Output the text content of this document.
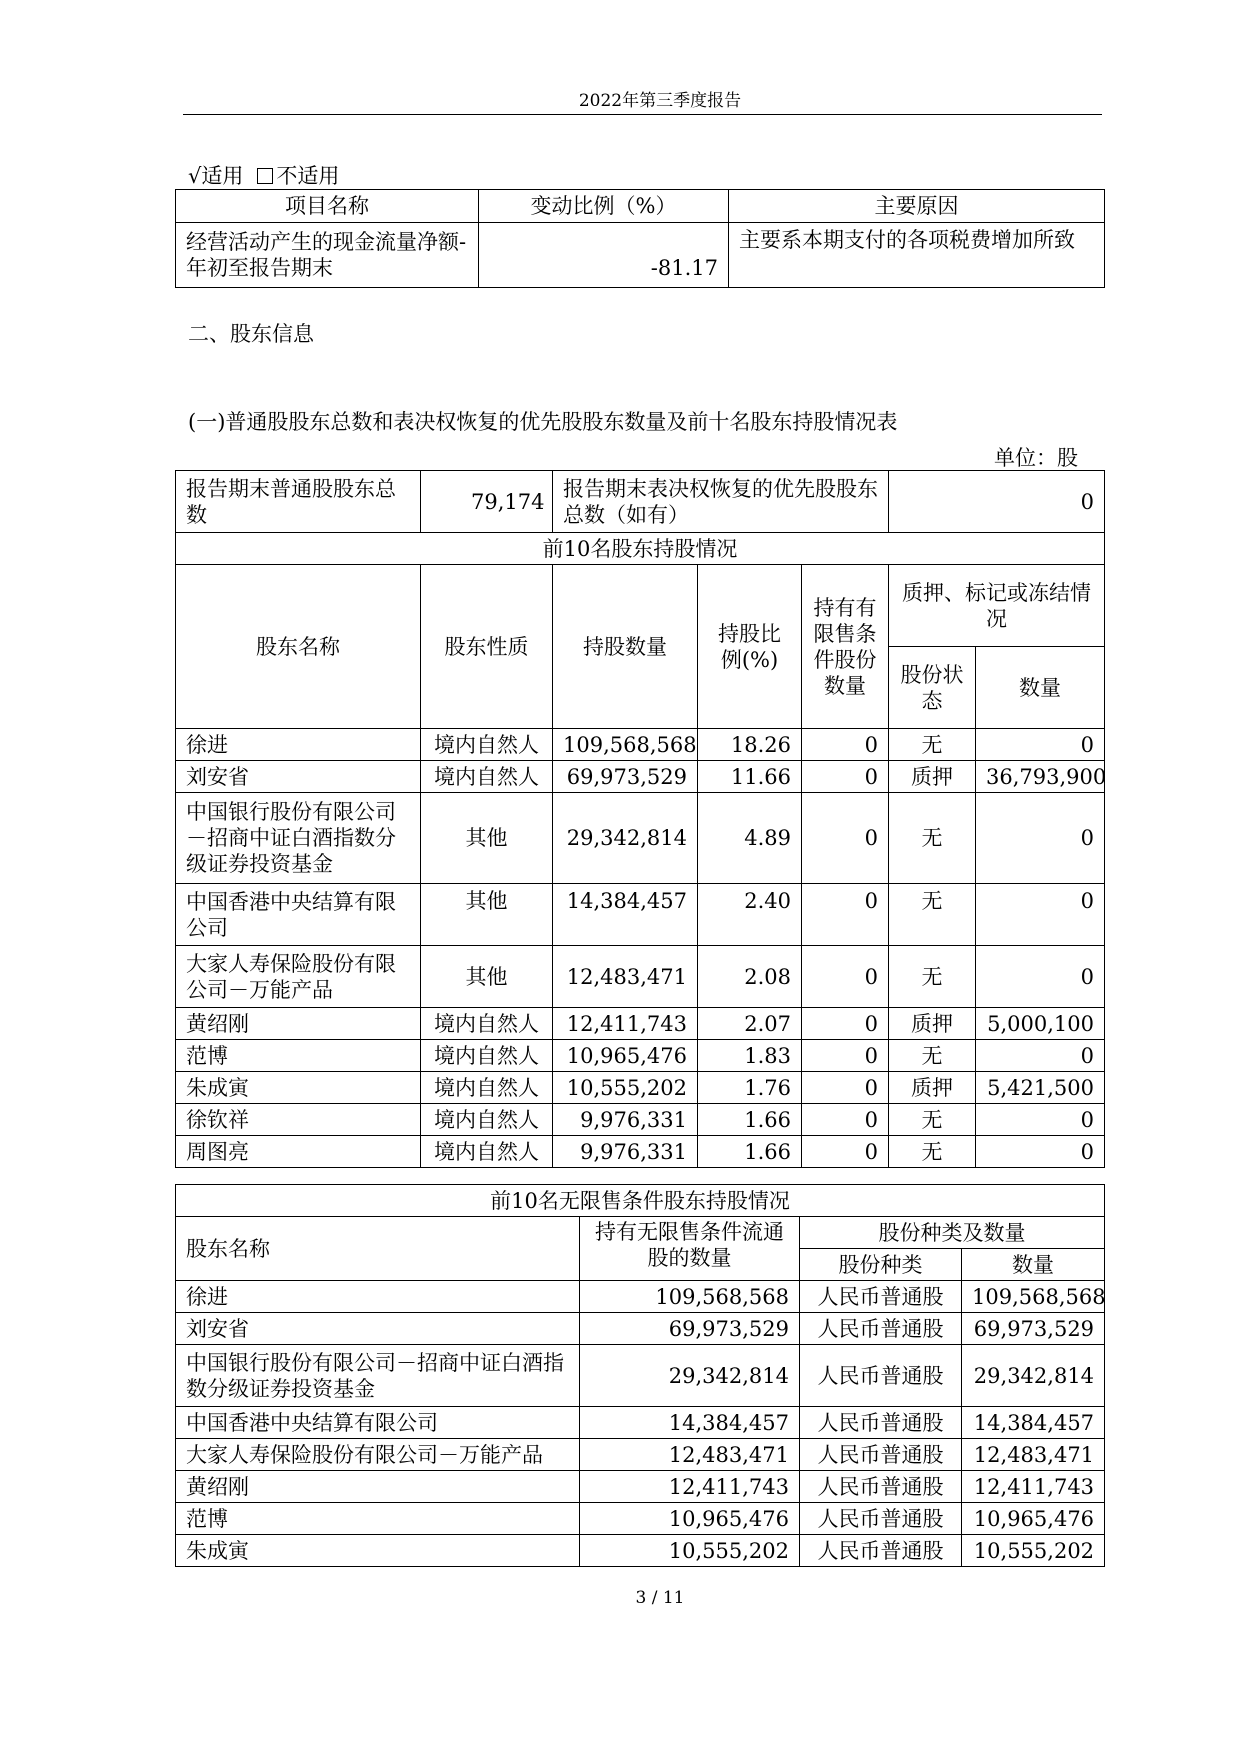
2022年第三季度报告
√适用 不适用
项目名称	变动比例（%）	主要原因
经营活动产生的现金流量净额-年初至报告期末	-81.17	主要系本期支付的各项税费增加所致
二、股东信息
(一)普通股股东总数和表决权恢复的优先股股东数量及前十名股东持股情况表
单位：股
报告期末普通股股东总数	79,174	报告期末表决权恢复的优先股股东总数（如有）			0	
前10名股东持股情况						
股东名称	股东性质	持股数量	持股比例(%)	持有有限售条件股份数量	质押、标记或冻结情况	
					股份状态	数量
徐进	境内自然人	109,568,568	18.26	0	无	0
刘安省	境内自然人	69,973,529	11.66	0	质押	36,793,900
中国银行股份有限公司－招商中证白酒指数分级证券投资基金	其他	29,342,814	4.89	0	无	0
中国香港中央结算有限公司	其他	14,384,457	2.40	0	无	0
大家人寿保险股份有限公司－万能产品	其他	12,483,471	2.08	0	无	0
黄绍刚	境内自然人	12,411,743	2.07	0	质押	5,000,100
范博	境内自然人	10,965,476	1.83	0	无	0
朱成寅	境内自然人	10,555,202	1.76	0	质押	5,421,500
徐钦祥	境内自然人	9,976,331	1.66	0	无	0
周图亮	境内自然人	9,976,331	1.66	0	无	0
前10名无限售条件股东持股情况			
股东名称	持有无限售条件流通股的数量	股份种类及数量	
		股份种类	数量
徐进	109,568,568	人民币普通股	109,568,568
刘安省	69,973,529	人民币普通股	69,973,529
中国银行股份有限公司－招商中证白酒指数分级证券投资基金	29,342,814	人民币普通股	29,342,814
中国香港中央结算有限公司	14,384,457	人民币普通股	14,384,457
大家人寿保险股份有限公司－万能产品	12,483,471	人民币普通股	12,483,471
黄绍刚	12,411,743	人民币普通股	12,411,743
范博	10,965,476	人民币普通股	10,965,476
朱成寅	10,555,202	人民币普通股	10,555,202
3 / 11
